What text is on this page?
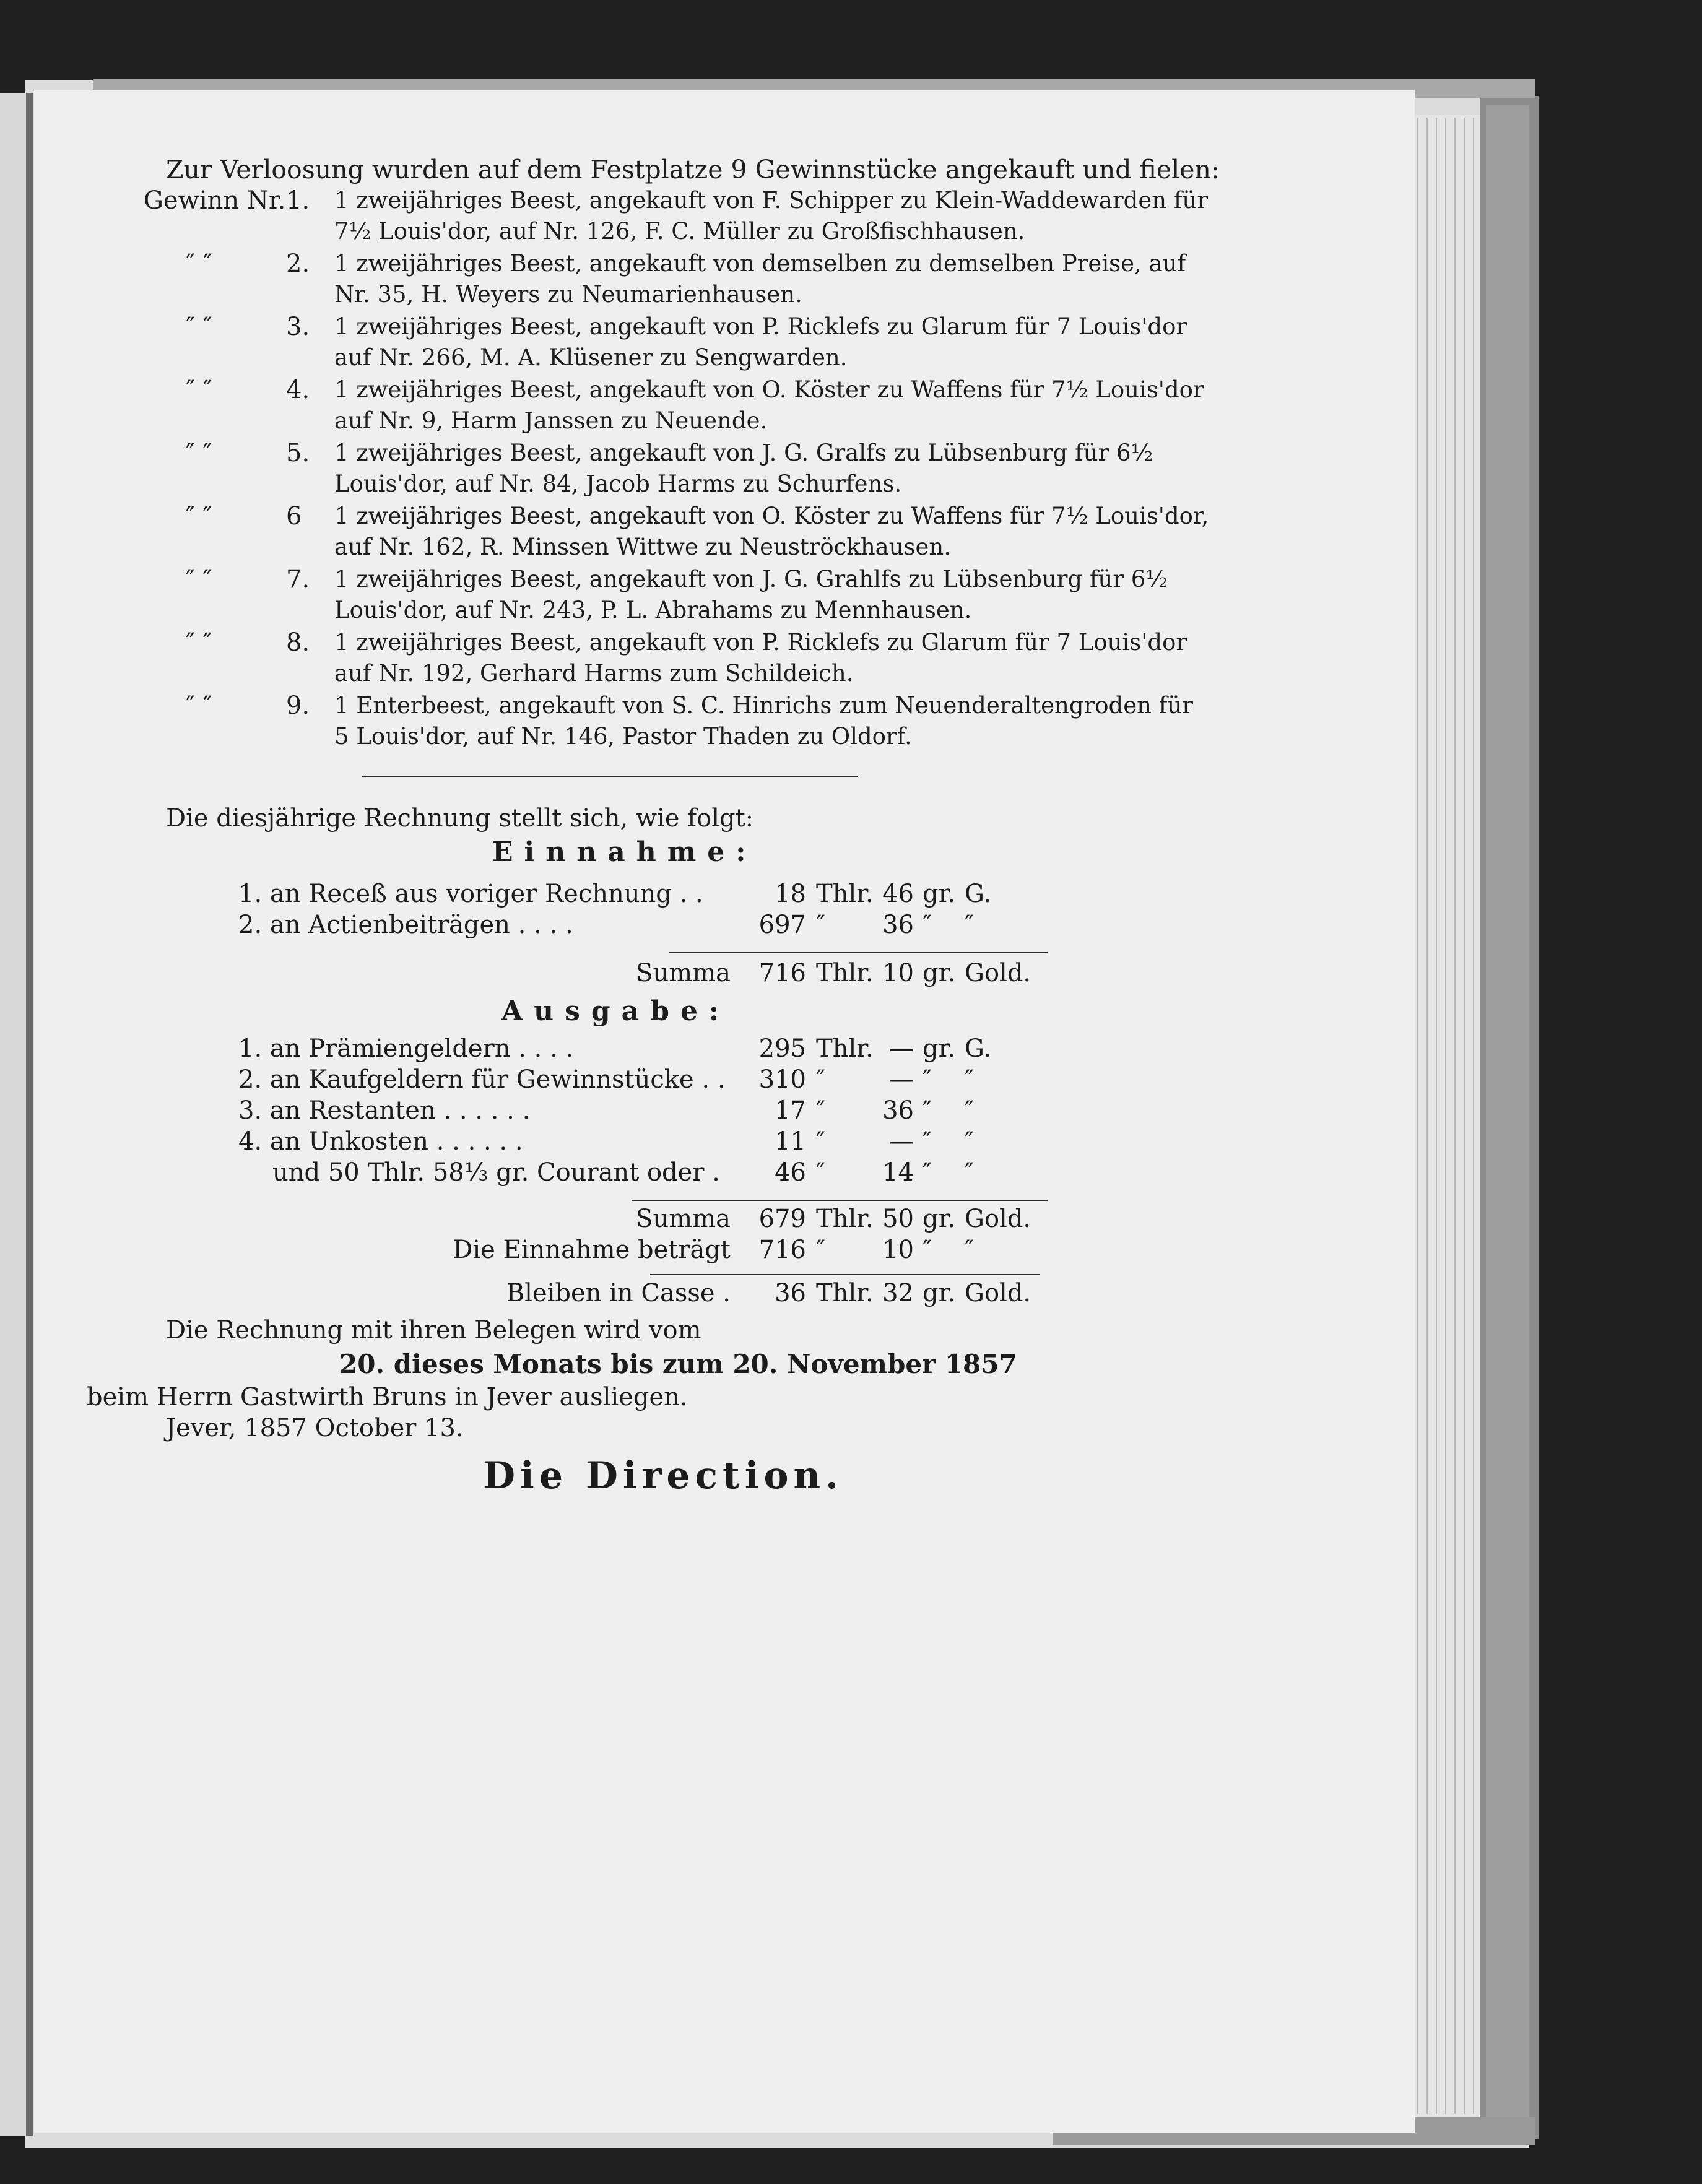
Zur Verloosung wurden auf dem Festplatze 9 Gewinnstücke angekauft und fielen:
Gewinn Nr. 1. 1 zweijähriges Beest, angekauft von F. Schipper zu Klein-Waddewarden für
7½ Louis'dor, auf Nr. 126, F. C. Müller zu Großfischhausen.
″ ″	2. 1 zweijähriges Beest, angekauft von demselben zu demselben Preise, auf
Nr. 35, H. Weyers zu Neumarienhausen.
″ ″	3. 1 zweijähriges Beest, angekauft von P. Ricklefs zu Glarum für 7 Louis'dor
auf Nr. 266, M. A. Klüsener zu Sengwarden.
″ ″	4. 1 zweijähriges Beest, angekauft von O. Köster zu Waffens für 7½ Louis'dor
auf Nr. 9, Harm Janssen zu Neuende.
″ ″	5. 1 zweijähriges Beest, angekauft von J. G. Gralfs zu Lübsenburg für 6½
Louis'dor, auf Nr. 84, Jacob Harms zu Schurfens.
″ ″	6 1 zweijähriges Beest, angekauft von O. Köster zu Waffens für 7½ Louis'dor,
auf Nr. 162, R. Minssen Wittwe zu Neuströckhausen.
″ ″	7. 1 zweijähriges Beest, angekauft von J. G. Grahlfs zu Lübsenburg für 6½
Louis'dor, auf Nr. 243, P. L. Abrahams zu Mennhausen.
″ ″	8. 1 zweijähriges Beest, angekauft von P. Ricklefs zu Glarum für 7 Louis'dor
auf Nr. 192, Gerhard Harms zum Schildeich.
″ ″	9. 1 Enterbeest, angekauft von S. C. Hinrichs zum Neuenderaltengroden für
5 Louis'dor, auf Nr. 146, Pastor Thaden zu Oldorf.
Die diesjährige Rechnung stellt sich, wie folgt:
Einnahme:
1. an Receß aus voriger Rechnung . .	18 Thlr. 46 gr. G.
2. an Actienbeiträgen . . . .	697 ″ 36 ″ ″
Summa 716 Thlr. 10 gr. Gold.
Ausgabe:
1. an Prämiengeldern . . . .	295 Thlr. — gr. G.
2. an Kaufgeldern für Gewinnstücke . . 310 ″	— ″ ″
3. an Restanten . . . . . .	17 ″ 36 ″ ″
4. an Unkosten . . . . . .	11 ″	— ″ ″
und 50 Thlr. 58⅓ gr. Courant oder . 46 ″ 14 ″ ″
Summa 679 Thlr. 50 gr. Gold.
Die Einnahme beträgt 716 ″ 10 ″ ″
Bleiben in Casse . 36 Thlr. 32 gr. Gold.
Die Rechnung mit ihren Belegen wird vom
20. dieses Monats bis zum 20. November 1857
beim Herrn Gastwirth Bruns in Jever ausliegen.
Jever, 1857 October 13.
Die Direction.
